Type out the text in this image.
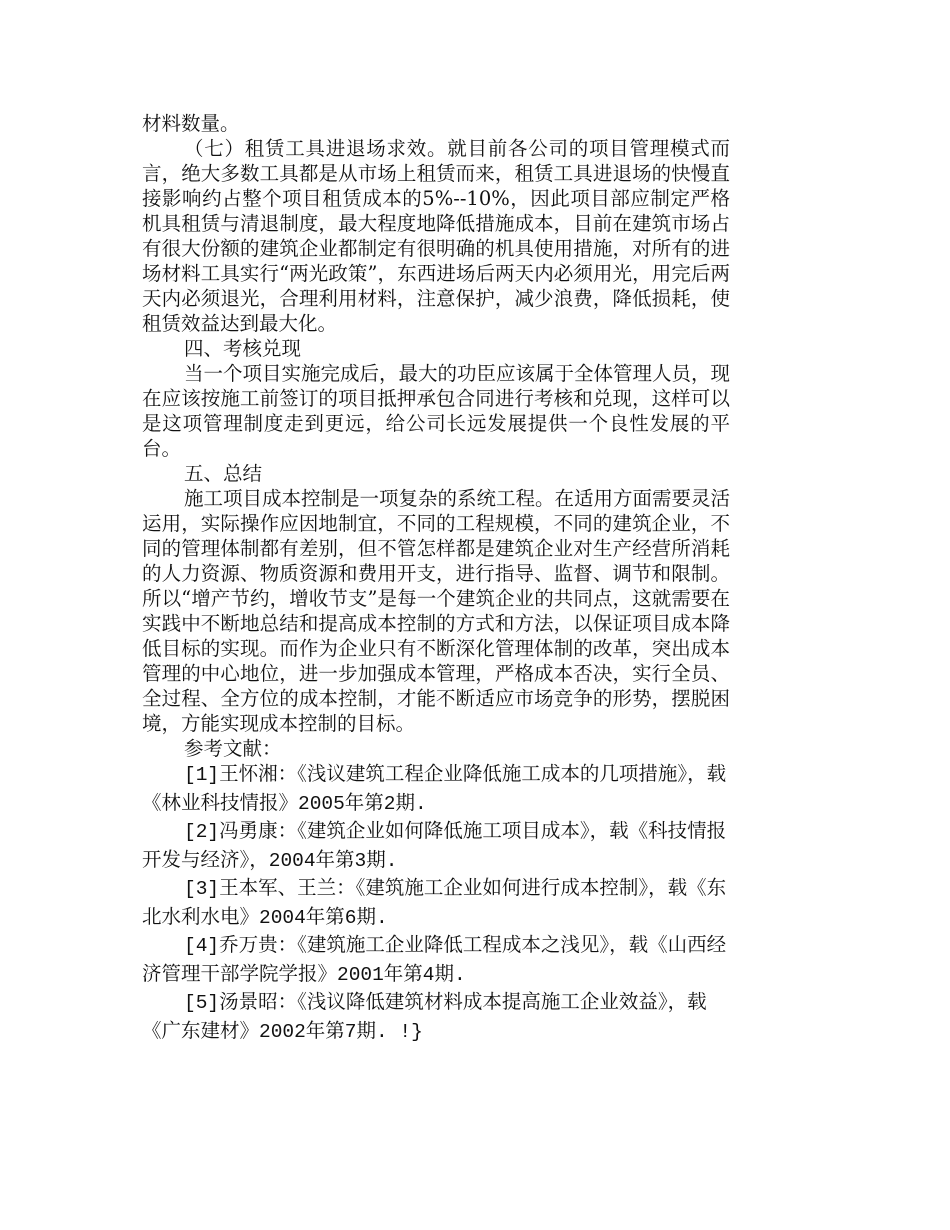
材料数量。

（七）租赁工具进退场求效。就目前各公司的项目管理模式而言，绝大多数工具都是从市场上租赁而来，租赁工具进退场的快慢直接影响约占整个项目租赁成本的5%--10%，因此项目部应制定严格机具租赁与清退制度，最大程度地降低措施成本，目前在建筑市场占有很大份额的建筑企业都制定有很明确的机具使用措施，对所有的进场材料工具实行“两光政策”，东西进场后两天内必须用光，用完后两天内必须退光，合理利用材料，注意保护，减少浪费，降低损耗，使租赁效益达到最大化。

四、考核兑现

当一个项目实施完成后，最大的功臣应该属于全体管理人员，现在应该按施工前签订的项目抵押承包合同进行考核和兑现，这样可以是这项管理制度走到更远，给公司长远发展提供一个良性发展的平台。

五、总结

施工项目成本控制是一项复杂的系统工程。在适用方面需要灵活运用，实际操作应因地制宜，不同的工程规模，不同的建筑企业，不同的管理体制都有差别，但不管怎样都是建筑企业对生产经营所消耗的人力资源、物质资源和费用开支，进行指导、监督、调节和限制。所以“增产节约，增收节支”是每一个建筑企业的共同点，这就需要在实践中不断地总结和提高成本控制的方式和方法，以保证项目成本降低目标的实现。而作为企业只有不断深化管理体制的改革，突出成本管理的中心地位，进一步加强成本管理，严格成本否决，实行全员、全过程、全方位的成本控制，才能不断适应市场竞争的形势，摆脱困境，方能实现成本控制的目标。

参考文献：

[1]王怀湘：《浅议建筑工程企业降低施工成本的几项措施》，载《林业科技情报》2005年第2期.

[2]冯勇康：《建筑企业如何降低施工项目成本》，载《科技情报开发与经济》，2004年第3期.

[3]王本军、王兰：《建筑施工企业如何进行成本控制》，载《东北水利水电》2004年第6期.

[4]乔万贵：《建筑施工企业降低工程成本之浅见》，载《山西经济管理干部学院学报》2001年第4期.

[5]汤景昭：《浅议降低建筑材料成本提高施工企业效益》，载《广东建材》2002年第7期. !}
